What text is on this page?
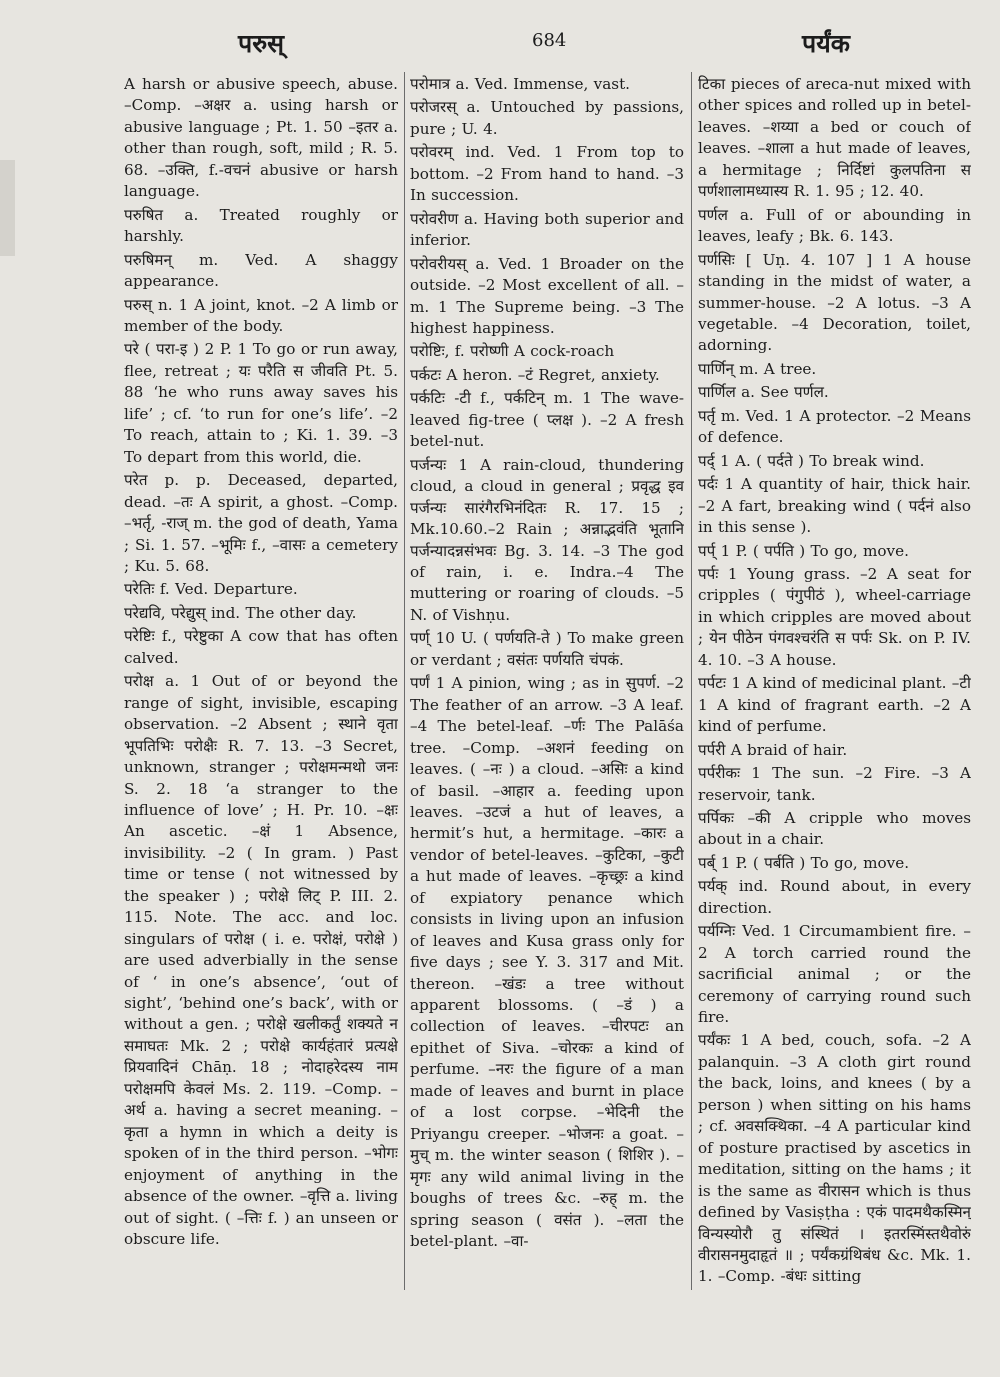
परुस्	684	पर्यंक

A harsh or abusive speech, abuse. –Comp. –अक्षर a. using harsh or abusive language ; Pt. 1. 50 –इतर a. other than rough, soft, mild ; R. 5. 68. –उक्ति, f.-वचनं abusive or harsh language.

परुषित a. Treated roughly or harshly.

परुषिमन् m. Ved. A shaggy appearance.

परुस् n. 1 A joint, knot. –2 A limb or member of the body.

परे ( परा-इ ) 2 P. 1 To go or run away, flee, retreat ; यः परैति स जीवति Pt. 5. 88 ‘he who runs away saves his life’ ; cf. ‘to run for one’s life’. –2 To reach, attain to ; Ki. 1. 39. –3 To depart from this world, die.

परेत p. p. Deceased, departed, dead. –तः A spirit, a ghost. –Comp. –भर्तृ, -राज् m. the god of death, Yama ; Si. 1. 57. –भूमिः f., –वासः a cemetery ; Ku. 5. 68.

परेतिः f. Ved. Departure.

परेद्यवि, परेद्युस् ind. The other day.

परेष्टिः f., परेष्टुका A cow that has often calved.

परोक्ष a. 1 Out of or beyond the range of sight, invisible, escaping observation. –2 Absent ; स्थाने वृता भूपतिभिः परोक्षैः R. 7. 13. –3 Secret, unknown, stranger ; परोक्षमन्मथो जनः S. 2. 18 ‘a stranger to the influence of love’ ; H. Pr. 10. –क्षः An ascetic. –क्षं 1 Absence, invisibility. –2 ( In gram. ) Past time or tense ( not witnessed by the speaker ) ; परोक्षे लिट् P. III. 2. 115. Note. The acc. and loc. singulars of परोक्ष ( i. e. परोक्षं, परोक्षे ) are used adverbially in the sense of ‘ in one’s absence’, ‘out of sight’, ‘behind one’s back’, with or without a gen. ; परोक्षे खलीकर्तुं शक्यते न समाघतः Mk. 2 ; परोक्षे कार्यहंतारं प्रत्यक्षे प्रियवादिनं Chāṇ. 18 ; नोदाहरेदस्य नाम परोक्षमपि केवलं Ms. 2. 119. –Comp. –अर्थ a. having a secret meaning. –कृता a hymn in which a deity is spoken of in the third person. –भोगः enjoyment of anything in the absence of the owner. –वृत्ति a. living out of sight. ( –त्तिः f. ) an unseen or obscure life.

परोमात्र a. Ved. Immense, vast.

परोजरस् a. Untouched by passions, pure ; U. 4.

परोवरम् ind. Ved. 1 From top to bottom. –2 From hand to hand. –3 In succession.

परोवरीण a. Having both superior and inferior.

परोवरीयस् a. Ved. 1 Broader on the outside. –2 Most excellent of all. –m. 1 The Supreme being. –3 The highest happiness.

परोष्टिः, f. परोष्णी A cock-roach

पर्कटः A heron. –टं Regret, anxiety.

पर्कटिः -टी f., पर्कटिन् m. 1 The wave-leaved fig-tree ( प्लक्ष ). –2 A fresh betel-nut.

पर्जन्यः 1 A rain-cloud, thundering cloud, a cloud in general ; प्रवृद्ध इव पर्जन्यः सारंगैरभिनंदितः R. 17. 15 ; Mk.10.60.–2 Rain ; अन्नाद्भवंति भूतानि पर्जन्यादन्नसंभवः Bg. 3. 14. –3 The god of rain, i. e. Indra.–4 The muttering or roaring of clouds. –5 N. of Vishṇu.

पर्ण् 10 U. ( पर्णयति-ते ) To make green or verdant ; वसंतः पर्णयति चंपकं.

पर्णं 1 A pinion, wing ; as in सुपर्ण. –2 The feather of an arrow. –3 A leaf. –4 The betel-leaf. –र्णः The Palāśa tree. –Comp. –अशनं feeding on leaves. ( –नः ) a cloud. –असिः a kind of basil. –आहार a. feeding upon leaves. –उटजं a hut of leaves, a hermit’s hut, a hermitage. –कारः a vendor of betel-leaves. –कुटिका, –कुटी a hut made of leaves. –कृच्छ्रः a kind of expiatory penance which consists in living upon an infusion of leaves and Kusa grass only for five days ; see Y. 3. 317 and Mit. thereon. –खंडः a tree without apparent blossoms. ( –डं ) a collection of leaves. –चीरपटः an epithet of Siva. –चोरकः a kind of perfume. –नरः the figure of a man made of leaves and burnt in place of a lost corpse. –भेदिनी the Priyangu creeper. –भोजनः a goat. –मुच् m. the winter season ( शिशिर ). –मृगः any wild animal living in the boughs of trees &c. –रुह् m. the spring season ( वसंत ). –लता the betel-plant. –वा-

टिका pieces of areca-nut mixed with other spices and rolled up in betel-leaves. –शय्या a bed or couch of leaves. –शाला a hut made of leaves, a hermitage ; निर्दिष्टां कुलपतिना स पर्णशालामध्यास्य R. 1. 95 ; 12. 40.

पर्णल a. Full of or abounding in leaves, leafy ; Bk. 6. 143.

पर्णसिः [ Uṇ. 4. 107 ] 1 A house standing in the midst of water, a summer-house. –2 A lotus. –3 A vegetable. –4 Decoration, toilet, adorning.

पार्णिन् m. A tree.

पार्णिल a. See पर्णल.

पर्तृ m. Ved. 1 A protector. –2 Means of defence.

पर्द् 1 A. ( पर्दते ) To break wind.

पर्दः 1 A quantity of hair, thick hair. –2 A fart, breaking wind ( पर्दनं also in this sense ).

पर्प् 1 P. ( पर्पति ) To go, move.

पर्पः 1 Young grass. –2 A seat for cripples ( पंगुपीठं ), wheel-carriage in which cripples are moved about ; येन पीठेन पंगवश्चरंति स पर्पः Sk. on P. IV. 4. 10. –3 A house.

पर्पटः 1 A kind of medicinal plant. –टी 1 A kind of fragrant earth. –2 A kind of perfume.

पर्परी A braid of hair.

पर्परीकः 1 The sun. –2 Fire. –3 A reservoir, tank.

पर्पिकः –की A cripple who moves about in a chair.

पर्ब् 1 P. ( पर्बति ) To go, move.

पर्यक् ind. Round about, in every direction.

पर्यग्निः Ved. 1 Circumambient fire. –2 A torch carried round the sacrificial animal ; or the ceremony of carrying round such fire.

पर्यंकः 1 A bed, couch, sofa. –2 A palanquin. –3 A cloth girt round the back, loins, and knees ( by a person ) when sitting on his hams ; cf. अवसक्थिका. –4 A particular kind of posture practised by ascetics in meditation, sitting on the hams ; it is the same as वीरासन which is thus defined by Vasiṣṭha : एकं पादमथैकस्मिन् विन्यस्योरौ तु संस्थितं । इतरस्मिंस्तथैवोरुं वीरासनमुदाहृतं ॥ ; पर्यंकग्रंथिबंध &c. Mk. 1. 1. –Comp. -बंधः sitting
